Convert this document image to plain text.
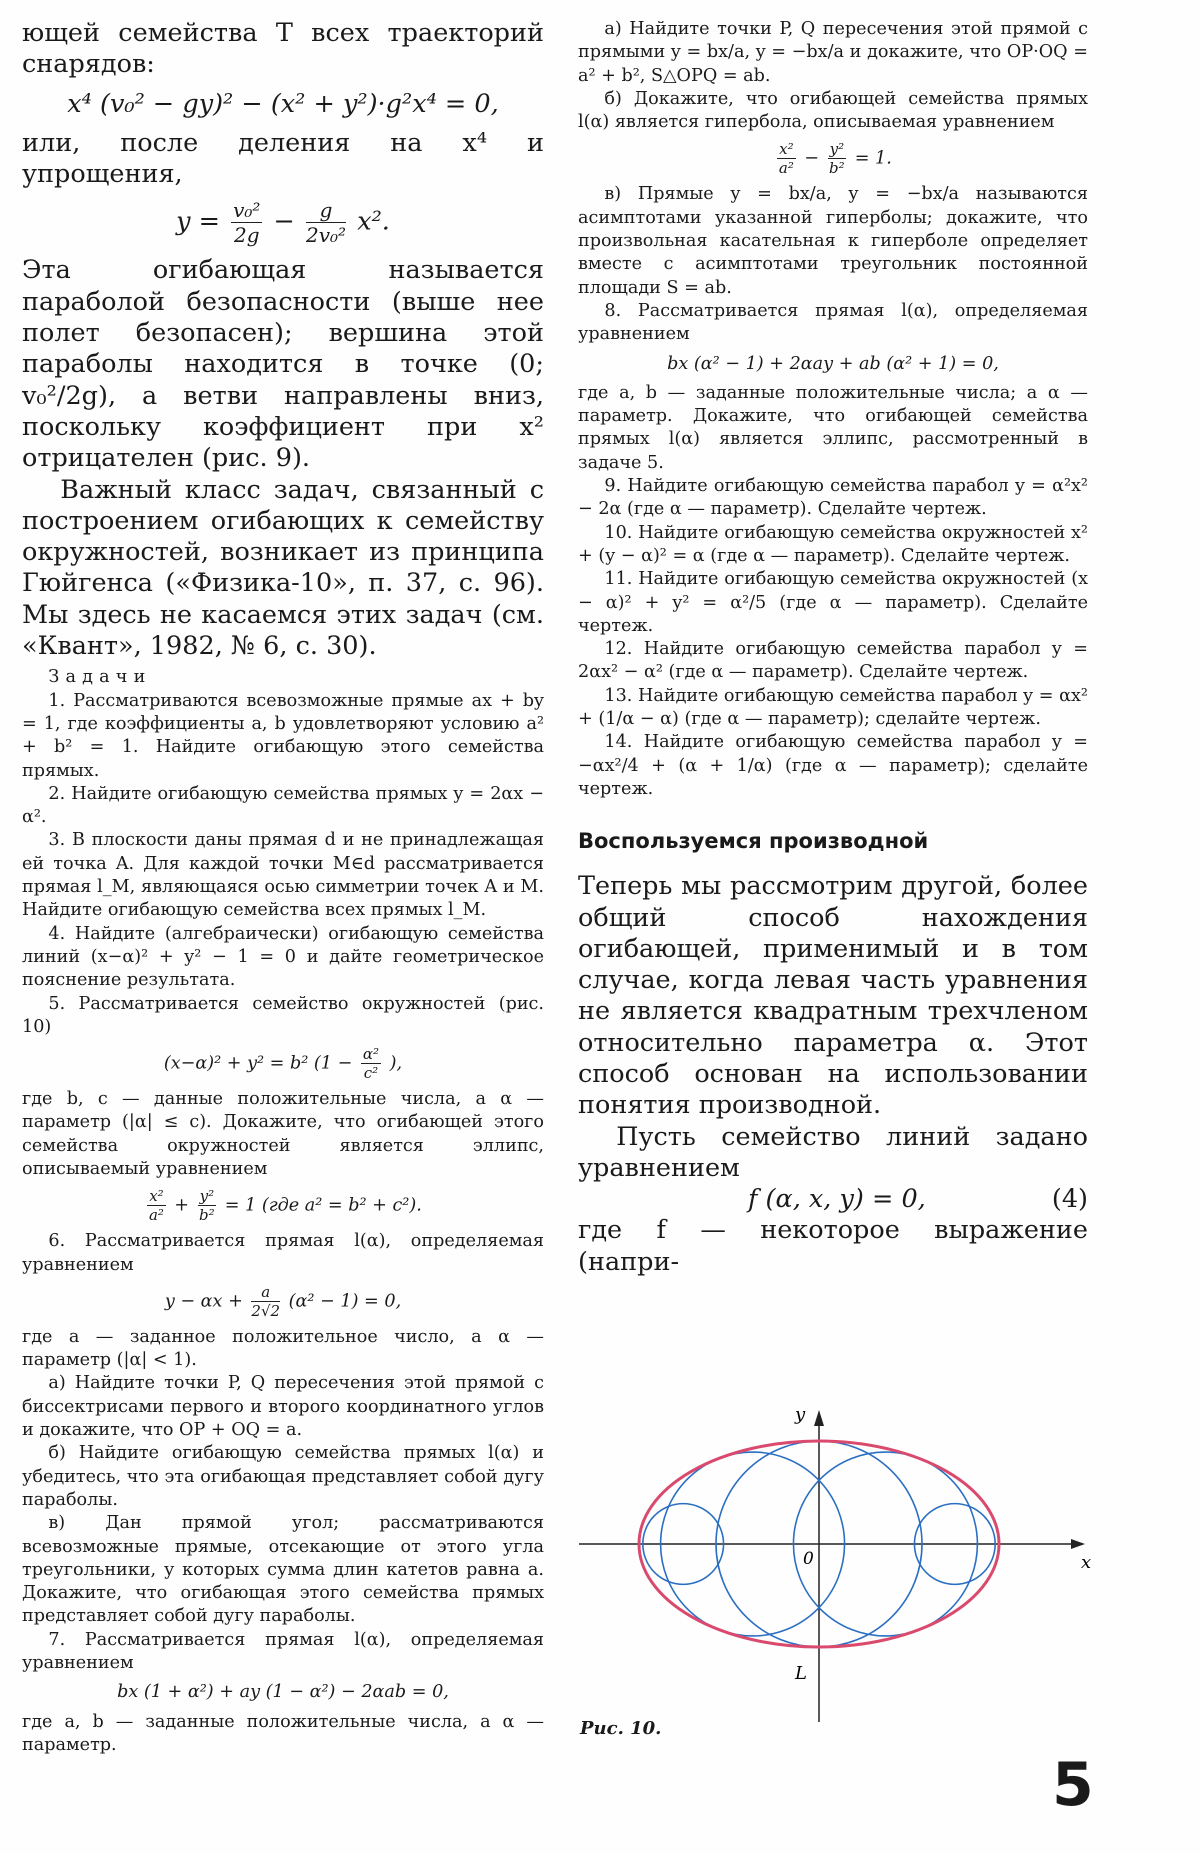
ющей семейства T всех траекторий снарядов:

x⁴ (v₀² − gy)² − (x² + y²)·g²x⁴ = 0,

или, после деления на x⁴ и упрощения,

$y = \frac{\text{v₀²}}{2g} - \frac{g}{\text{2v₀²}} x^2$.

Эта огибающая называется параболой безопасности (выше нее полет безопасен); вершина этой параболы находится в точке (0; v₀²/2g), а ветви направлены вниз, поскольку коэффициент при x² отрицателен (рис. 9).

Важный класс задач, связанный с построением огибающих к семейству окружностей, возникает из принципа Гюйгенса («Физика-10», п. 37, с. 96). Мы здесь не касаемся этих задач (см. «Квант», 1982, № 6, с. 30).

Задачи

1. Рассматриваются всевозможные прямые ax + by = 1, где коэффициенты a, b удовлетворяют условию a² + b² = 1. Найдите огибающую этого семейства прямых.

2. Найдите огибающую семейства прямых y = 2αx − α².

3. В плоскости даны прямая d и не принадлежащая ей точка A. Для каждой точки M∈d рассматривается прямая l_M, являющаяся осью симметрии точек A и M. Найдите огибающую семейства всех прямых l_M.

4. Найдите (алгебраически) огибающую семейства линий (x−α)² + y² − 1 = 0 и дайте геометрическое пояснение результата.

5. Рассматривается семейство окружностей (рис. 10)

(x−α)² + y² = b² ($1 - \frac{\text{α²}}{\text{c²}}$ ),

где b, c — данные положительные числа, a α — параметр (|α| ≤ c). Докажите, что огибающей этого семейства окружностей является эллипс, описываемый уравнением

$\frac{\text{x²}}{\text{a²}} + \frac{\text{y²}}{\text{b²}} = 1$ (где a² = b² + c²).

6. Рассматривается прямая l(α), определяемая уравнением

$y - \alpha x + \frac{a}{2√2} (\alpha^2 - 1) = 0$,

где a — заданное положительное число, а α — параметр (|α| < 1).

а) Найдите точки P, Q пересечения этой прямой с биссектрисами первого и второго координатного углов и докажите, что OP + OQ = a.

б) Найдите огибающую семейства прямых l(α) и убедитесь, что эта огибающая представляет собой дугу параболы.

в) Дан прямой угол; рассматриваются всевозможные прямые, отсекающие от этого угла треугольники, у которых сумма длин катетов равна a. Докажите, что огибающая этого семейства прямых представляет собой дугу параболы.

7. Рассматривается прямая l(α), определяемая уравнением

bx (1 + α²) + ay (1 − α²) − 2αab = 0,

где a, b — заданные положительные числа, а α — параметр.

а) Найдите точки P, Q пересечения этой прямой с прямыми y = bx/a, y = −bx/a и докажите, что OP·OQ = a² + b², S△OPQ = ab.

б) Докажите, что огибающей семейства прямых l(α) является гипербола, описываемая уравнением

$\frac{\text{x²}}{\text{a²}} - \frac{\text{y²}}{\text{b²}} = 1$.

в) Прямые y = bx/a, y = −bx/a называются асимптотами указанной гиперболы; докажите, что произвольная касательная к гиперболе определяет вместе с асимптотами треугольник постоянной площади S = ab.

8. Рассматривается прямая l(α), определяемая уравнением

bx (α² − 1) + 2αay + ab (α² + 1) = 0,

где a, b — заданные положительные числа; а α — параметр. Докажите, что огибающей семейства прямых l(α) является эллипс, рассмотренный в задаче 5.

9. Найдите огибающую семейства парабол y = α²x² − 2α (где α — параметр). Сделайте чертеж.

10. Найдите огибающую семейства окружностей x² + (y − α)² = α (где α — параметр). Сделайте чертеж.

11. Найдите огибающую семейства окружностей (x − α)² + y² = α²/5 (где α — параметр). Сделайте чертеж.

12. Найдите огибающую семейства парабол y = 2αx² − α² (где α — параметр). Сделайте чертеж.

13. Найдите огибающую семейства парабол y = αx² + (1/α − α) (где α — параметр); сделайте чертеж.

14. Найдите огибающую семейства парабол y = −αx²/4 + (α + 1/α) (где α — параметр); сделайте чертеж.

Воспользуемся производной

Теперь мы рассмотрим другой, более общий способ нахождения огибающей, применимый и в том случае, когда левая часть уравнения не является квадратным трехчленом относительно параметра α. Этот способ основан на использовании понятия производной.

Пусть семейство линий задано уравнением

f (α, x, y) = 0,	(4)

где f — некоторое выражение (напри-

y
x
0
L
Рис. 10.
5
